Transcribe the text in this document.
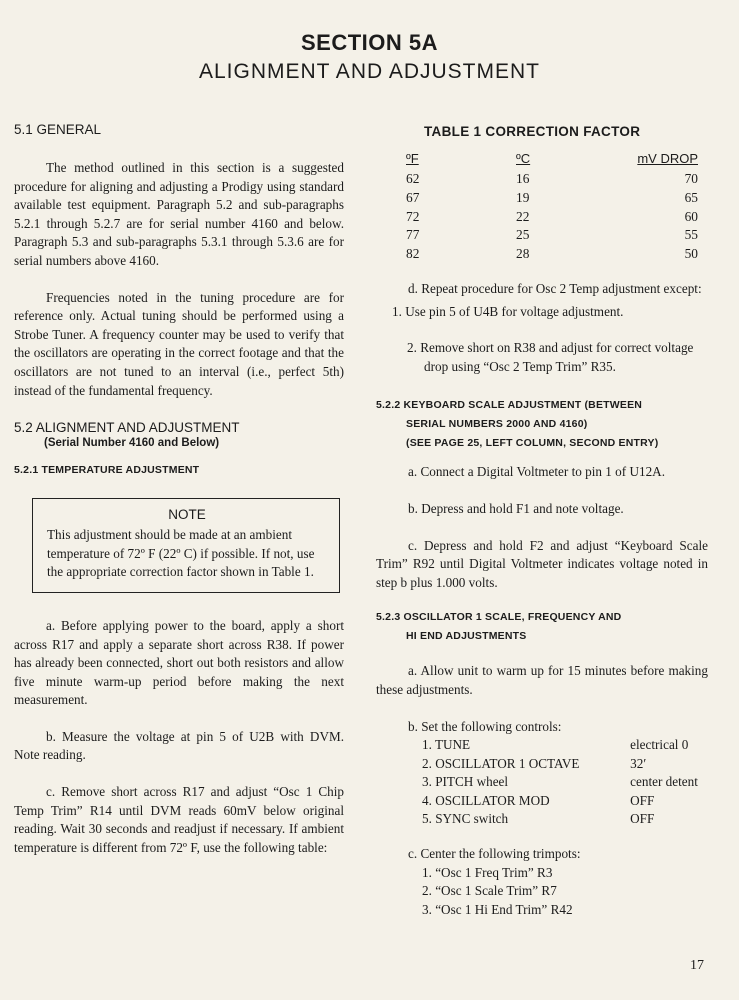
SECTION 5A
ALIGNMENT AND ADJUSTMENT
5.1 GENERAL

The method outlined in this section is a suggested procedure for aligning and adjusting a Prodigy using standard available test equipment. Paragraph 5.2 and sub-paragraphs 5.2.1 through 5.2.7 are for serial number 4160 and below. Paragraph 5.3 and sub-paragraphs 5.3.1 through 5.3.6 are for serial numbers above 4160.

Frequencies noted in the tuning procedure are for reference only. Actual tuning should be performed using a Strobe Tuner. A frequency counter may be used to verify that the oscillators are operating in the correct footage and that the oscillators are not tuned to an interval (i.e., perfect 5th) instead of the fundamental frequency.

5.2 ALIGNMENT AND ADJUSTMENT
(Serial Number 4160 and Below)
5.2.1 TEMPERATURE ADJUSTMENT
NOTE

This adjustment should be made at an ambient temperature of 72º F (22º C) if possible. If not, use the appropriate correction factor shown in Table 1.

a. Before applying power to the board, apply a short across R17 and apply a separate short across R38. If power has already been connected, short out both resistors and allow five minute warm-up period before making the next measurement.

b. Measure the voltage at pin 5 of U2B with DVM. Note reading.

c. Remove short across R17 and adjust “Osc 1 Chip Temp Trim” R14 until DVM reads 60mV below original reading. Wait 30 seconds and readjust if necessary. If ambient temperature is different from 72º F, use the following table:

TABLE 1 CORRECTION FACTOR
ºF	ºC	mV DROP
62	16	70
67	19	65
72	22	60
77	25	55
82	28	50

d. Repeat procedure for Osc 2 Temp adjustment except:

1. Use pin 5 of U4B for voltage adjustment.

2. Remove short on R38 and adjust for correct voltage drop using “Osc 2 Temp Trim” R35.

5.2.2 KEYBOARD SCALE ADJUSTMENT (BETWEEN
SERIAL NUMBERS 2000 AND 4160)
(SEE PAGE 25, LEFT COLUMN, SECOND ENTRY)

a. Connect a Digital Voltmeter to pin 1 of U12A.

b. Depress and hold F1 and note voltage.

c. Depress and hold F2 and adjust “Keyboard Scale Trim” R92 until Digital Voltmeter indicates voltage noted in step b plus 1.000 volts.

5.2.3 OSCILLATOR 1 SCALE, FREQUENCY AND
HI END ADJUSTMENTS

a. Allow unit to warm up for 15 minutes before making these adjustments.

b. Set the following controls:

1. TUNE	electrical 0
2. OSCILLATOR 1 OCTAVE	32′
3. PITCH wheel	center detent
4. OSCILLATOR MOD	OFF
5. SYNC switch	OFF

c. Center the following trimpots:

1. “Osc 1 Freq Trim” R3
2. “Osc 1 Scale Trim” R7
3. “Osc 1 Hi End Trim” R42
17
